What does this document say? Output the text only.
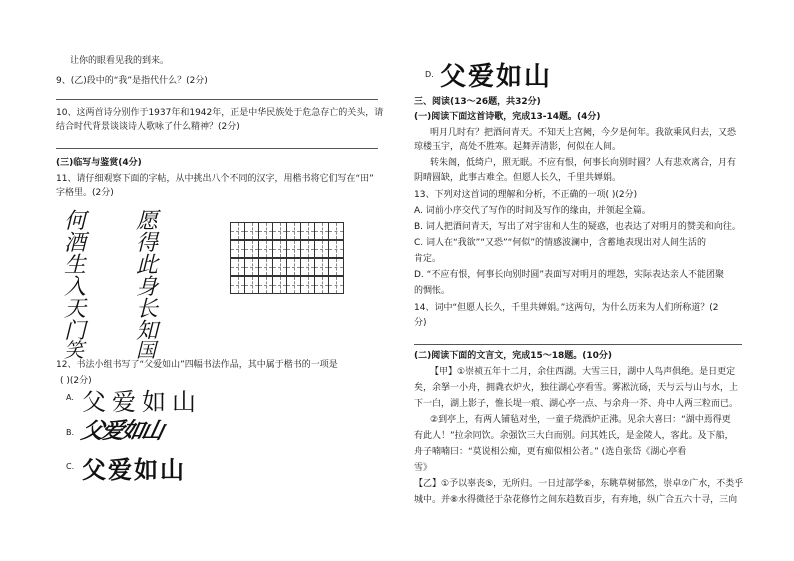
让你的眼看见我的到来。
9、(乙)段中的“我”是指代什么？(2分)
10、这两首诗分别作于1937年和1942年，正是中华民族处于危急存亡的关头，请
结合时代背景谈谈诗人歌咏了什么精神？(2分)
(三)临写与鉴赏(4分)
11、请仔细观察下面的字帖，从中挑出八个不同的汉字，用楷书将它们写在“田”
字格里。(2分)
何 愿
酒 得
生 此
入 身
天 长
门 知
笑	国
12、书法小组书写了“父爱如山”四幅书法作品，其中属于楷书的一项是
( )(2分)
A. 父爱如山
B. 父爱如山
C. 父爱如山
D. 父爱如山
三、阅读(13～26题，共32分)
(一)阅读下面这首诗歌，完成13-14题。(4分)
明月几时有？把酒问青天。不知天上宫阙，今夕是何年。我欲乘风归去，又恐
琼楼玉宇，高处不胜寒。起舞弄清影，何似在人间。
转朱阁，低绮户，照无眠。不应有恨，何事长向别时圆？人有悲欢离合，月有
阴晴圆缺，此事古难全。但愿人长久，千里共婵娟。
13、下列对这首词的理解和分析，不正确的一项( )(2分)
A. 词前小序交代了写作的时间及写作的缘由，并领起全篇。
B. 词人把酒问青天，写出了对宇宙和人生的疑惑，也表达了对明月的赞美和向往。
C. 词人在“我欲”“又恐”“何似”的情感波澜中，含蓄地表现出对人间生活的
肯定。
D. “不应有恨，何事长向别时圆”表面写对明月的埋怨，实际表达亲人不能团聚
的惆怅。
14、词中“但愿人长久，千里共婵娟。”这两句，为什么历来为人们所称道？(2
分)
(二)阅读下面的文言文，完成15～18题。(10分)
【甲】①崇祯五年十二月，余住西湖。大雪三日，湖中人鸟声俱绝。是日更定
矣，余拏一小舟，拥毳衣炉火，独往湖心亭看雪。雾凇沆砀，天与云与山与水，上
下一白，湖上影子，惟长堤一痕、湖心亭一点、与余舟一芥、舟中人两三粒而已。
②到亭上，有两人铺毡对坐，一童子烧酒炉正沸。见余大喜曰：“湖中焉得更
有此人！”拉余同饮。余强饮三大白而别。问其姓氏，是金陵人，客此。及下船，
舟子喃喃曰：“莫说相公痴，更有痴似相公者。” (选自张岱《湖心亭看
雪》
【乙】①予以辜丧⑤，无所归。一日过部学⑥，东眺草树郁然，崇卓⑦广水，不类乎
城中。并⑧水得微径于杂花修竹之间东趋数百步，有弃地，纵广合五六十寻，三向
